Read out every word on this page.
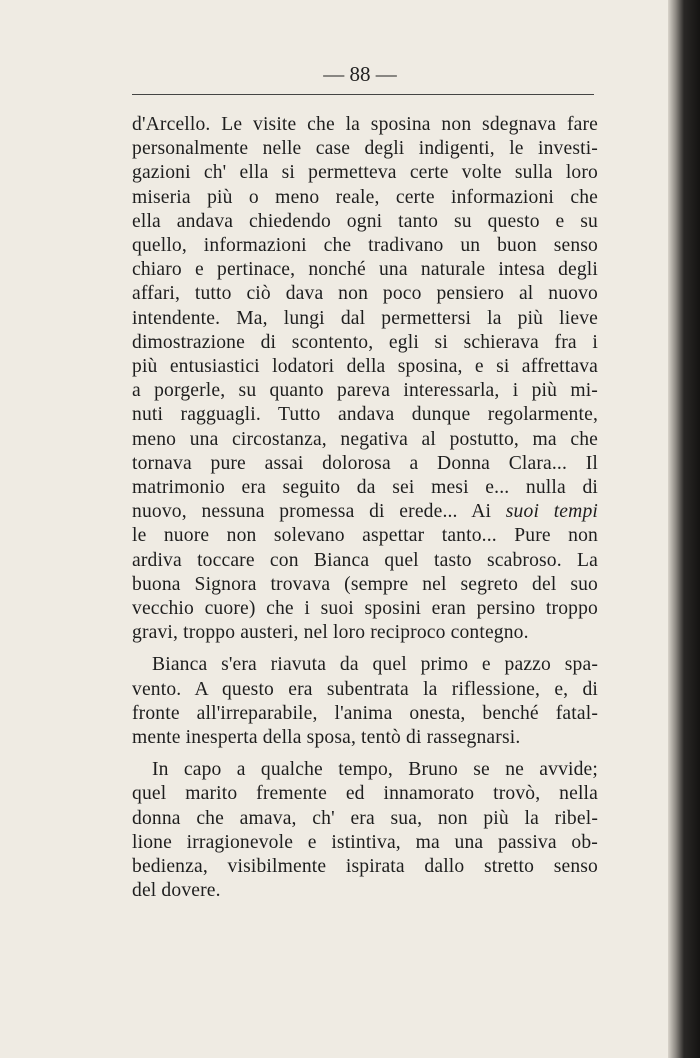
— 88 —
d'Arcello. Le visite che la sposina non sdegnava fare
personalmente nelle case degli indigenti, le investi-
gazioni ch' ella si permetteva certe volte sulla loro
miseria più o meno reale, certe informazioni che
ella andava chiedendo ogni tanto su questo e su
quello, informazioni che tradivano un buon senso
chiaro e pertinace, nonché una naturale intesa degli
affari, tutto ciò dava non poco pensiero al nuovo
intendente. Ma, lungi dal permettersi la più lieve
dimostrazione di scontento, egli si schierava fra i
più entusiastici lodatori della sposina, e si affrettava
a porgerle, su quanto pareva interessarla, i più mi-
nuti ragguagli. Tutto andava dunque regolarmente,
meno una circostanza, negativa al postutto, ma che
tornava pure assai dolorosa a Donna Clara... Il
matrimonio era seguito da sei mesi e... nulla di
nuovo, nessuna promessa di erede... Ai suoi tempi
le nuore non solevano aspettar tanto... Pure non
ardiva toccare con Bianca quel tasto scabroso. La
buona Signora trovava (sempre nel segreto del suo
vecchio cuore) che i suoi sposini eran persino troppo
gravi, troppo austeri, nel loro reciproco contegno.
Bianca s'era riavuta da quel primo e pazzo spa-
vento. A questo era subentrata la riflessione, e, di
fronte all'irreparabile, l'anima onesta, benché fatal-
mente inesperta della sposa, tentò di rassegnarsi.
In capo a qualche tempo, Bruno se ne avvide;
quel marito fremente ed innamorato trovò, nella
donna che amava, ch' era sua, non più la ribel-
lione irragionevole e istintiva, ma una passiva ob-
bedienza, visibilmente ispirata dallo stretto senso
del dovere.
